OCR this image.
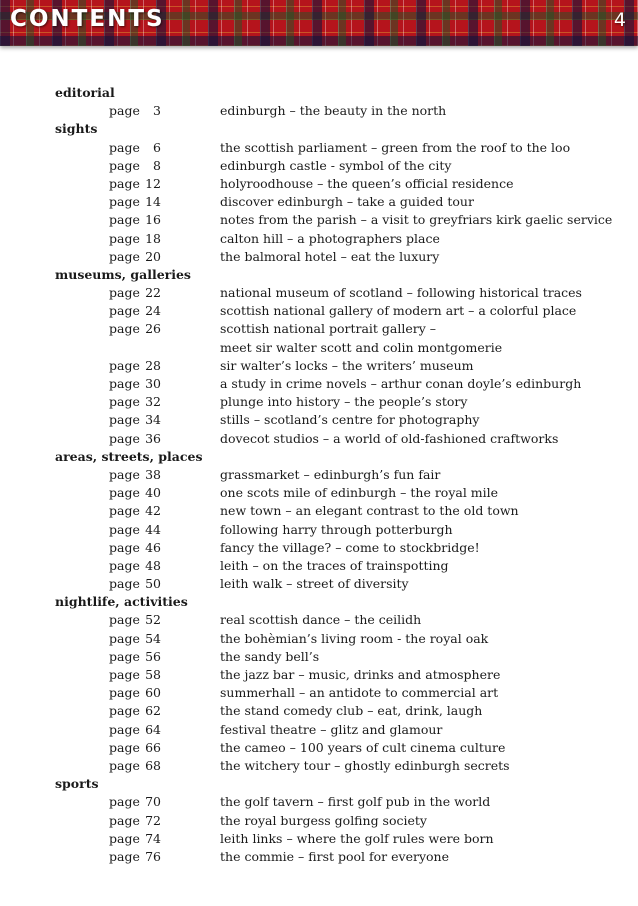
CONTENTS	4
editorial
page	3	edinburgh – the beauty in the north
sights
page	6	the scottish parliament – green from the roof to the loo
page	8	edinburgh castle - symbol of the city
page 12	holyroodhouse – the queen’s official residence
page 14	discover edinburgh – take a guided tour
page 16	notes from the parish – a visit to greyfriars kirk gaelic service
page 18	calton hill – a photographers place
page 20	the balmoral hotel – eat the luxury
museums, galleries
page 22	national museum of scotland – following historical traces
page 24	scottish national gallery of modern art – a colorful place
page 26	scottish national portrait gallery –
meet sir walter scott and colin montgomerie
page 28	sir walter’s locks – the writers’ museum
page 30	a study in crime novels – arthur conan doyle’s edinburgh
page 32	plunge into history – the people’s story
page 34	stills – scotland’s centre for photography
page 36	dovecot studios – a world of old-fashioned craftworks
areas, streets, places
page 38	grassmarket – edinburgh’s fun fair
page 40	one scots mile of edinburgh – the royal mile
page 42	new town – an elegant contrast to the old town
page 44	following harry through potterburgh
page 46	fancy the village? – come to stockbridge!
page 48	leith – on the traces of trainspotting
page 50	leith walk – street of diversity
nightlife, activities
page 52	real scottish dance – the ceilidh
page 54	the bohèmian’s living room - the royal oak
page 56	the sandy bell’s
page 58	the jazz bar – music, drinks and atmosphere
page 60	summerhall – an antidote to commercial art
page 62	the stand comedy club – eat, drink, laugh
page 64	festival theatre – glitz and glamour
page 66	the cameo – 100 years of cult cinema culture
page 68	the witchery tour – ghostly edinburgh secrets
sports
page 70	the golf tavern – first golf pub in the world
page 72	the royal burgess golfing society
page 74	leith links – where the golf rules were born
page 76	the commie – first pool for everyone
